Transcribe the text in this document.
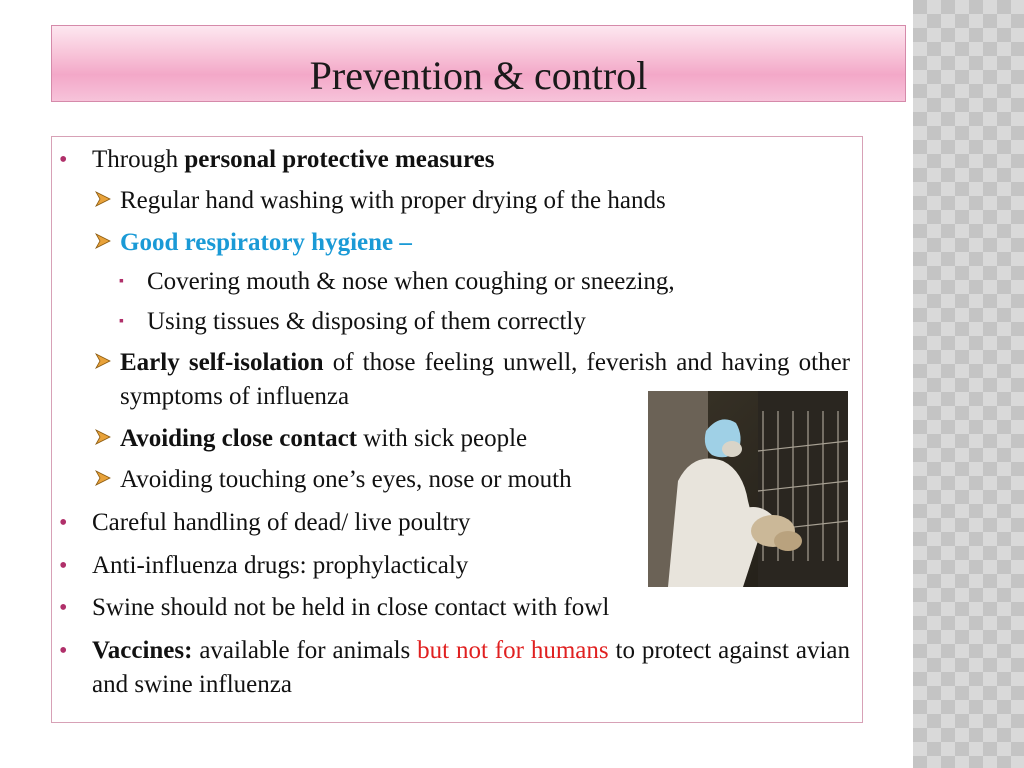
Prevention & control
• Through personal protective measures
Regular hand washing with proper drying of the hands
Good respiratory hygiene –
▪ Covering mouth & nose when coughing or sneezing,
▪ Using tissues & disposing of them correctly
Early self-isolation of those feeling unwell, feverish and having other symptoms of influenza
Avoiding close contact with sick people
Avoiding touching one’s eyes, nose or mouth
• Careful handling of dead/ live poultry
• Anti-influenza drugs: prophylacticaly
• Swine should not be held in close contact with fowl
• Vaccines: available for animals but not for humans to protect against avian and swine influenza
